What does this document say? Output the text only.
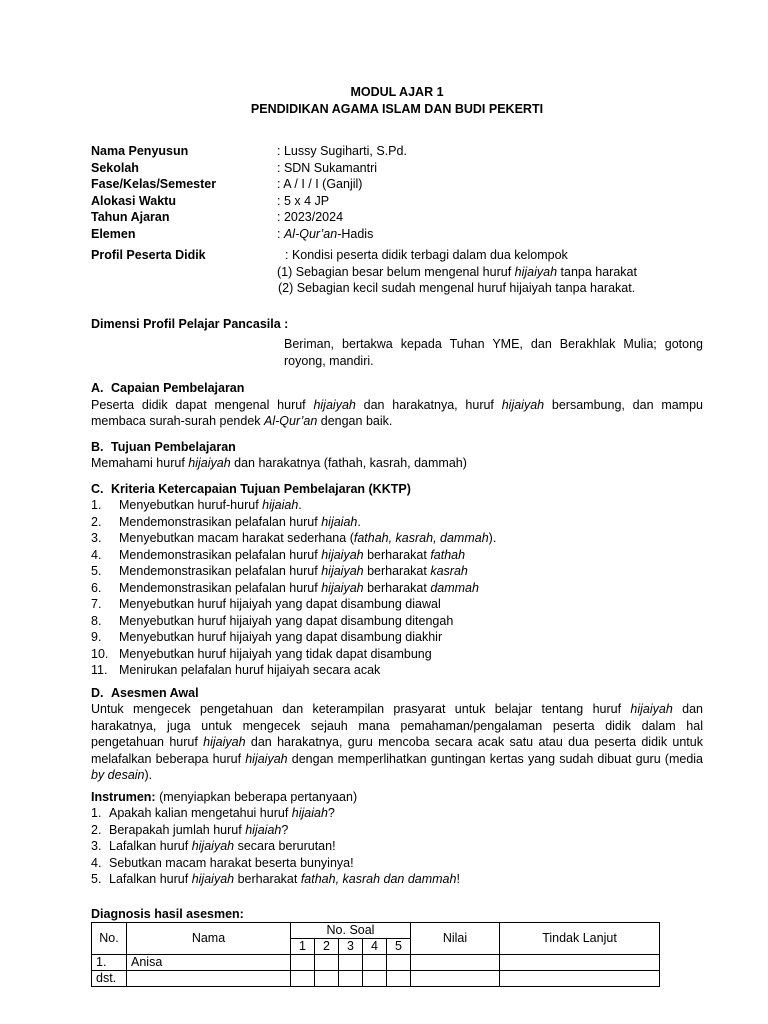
MODUL AJAR 1
PENDIDIKAN AGAMA ISLAM DAN BUDI PEKERTI
Nama Penyusun	: Lussy Sugiharti, S.Pd.
Sekolah	: SDN Sukamantri
Fase/Kelas/Semester	: A / I / I (Ganjil)
Alokasi Waktu	: 5 x 4 JP
Tahun Ajaran	: 2023/2024
Elemen	: Al-Qur’an-Hadis
Profil Peserta Didik	: Kondisi peserta didik terbagi dalam dua kelompok
(1) Sebagian besar belum mengenal huruf hijaiyah tanpa harakat
(2) Sebagian kecil sudah mengenal huruf hijaiyah tanpa harakat.
Dimensi Profil Pelajar Pancasila :
Beriman, bertakwa kepada Tuhan YME, dan Berakhlak Mulia; gotong royong, mandiri.
A. Capaian Pembelajaran
Peserta didik dapat mengenal huruf hijaiyah dan harakatnya, huruf hijaiyah bersambung, dan mampu membaca surah-surah pendek Al-Qur’an dengan baik.
B. Tujuan Pembelajaran
Memahami huruf hijaiyah dan harakatnya (fathah, kasrah, dammah)
C. Kriteria Ketercapaian Tujuan Pembelajaran (KKTP)
1.	Menyebutkan huruf-huruf hijaiah.
2.	Mendemonstrasikan pelafalan huruf hijaiah.
3.	Menyebutkan macam harakat sederhana (fathah, kasrah, dammah).
4.	Mendemonstrasikan pelafalan huruf hijaiyah berharakat fathah
5.	Mendemonstrasikan pelafalan huruf hijaiyah berharakat kasrah
6.	Mendemonstrasikan pelafalan huruf hijaiyah berharakat dammah
7.	Menyebutkan huruf hijaiyah yang dapat disambung diawal
8.	Menyebutkan huruf hijaiyah yang dapat disambung ditengah
9.	Menyebutkan huruf hijaiyah yang dapat disambung diakhir
10. Menyebutkan huruf hijaiyah yang tidak dapat disambung
11. Menirukan pelafalan huruf hijaiyah secara acak
D. Asesmen Awal
Untuk mengecek pengetahuan dan keterampilan prasyarat untuk belajar tentang huruf hijaiyah dan harakatnya, juga untuk mengecek sejauh mana pemahaman/pengalaman peserta didik dalam hal pengetahuan huruf hijaiyah dan harakatnya, guru mencoba secara acak satu atau dua peserta didik untuk melafalkan beberapa huruf hijaiyah dengan memperlihatkan guntingan kertas yang sudah dibuat guru (media by desain).
Instrumen: (menyiapkan beberapa pertanyaan)
1. Apakah kalian mengetahui huruf hijaiah?
2. Berapakah jumlah huruf hijaiah?
3. Lafalkan huruf hijaiyah secara berurutan!
4. Sebutkan macam harakat beserta bunyinya!
5. Lafalkan huruf hijaiyah berharakat fathah, kasrah dan dammah!
Diagnosis hasil asesmen:
No.	Nama	No. Soal					Nilai	Tindak Lanjut
		1	2	3	4	5		
1.	Anisa							
dst.								
